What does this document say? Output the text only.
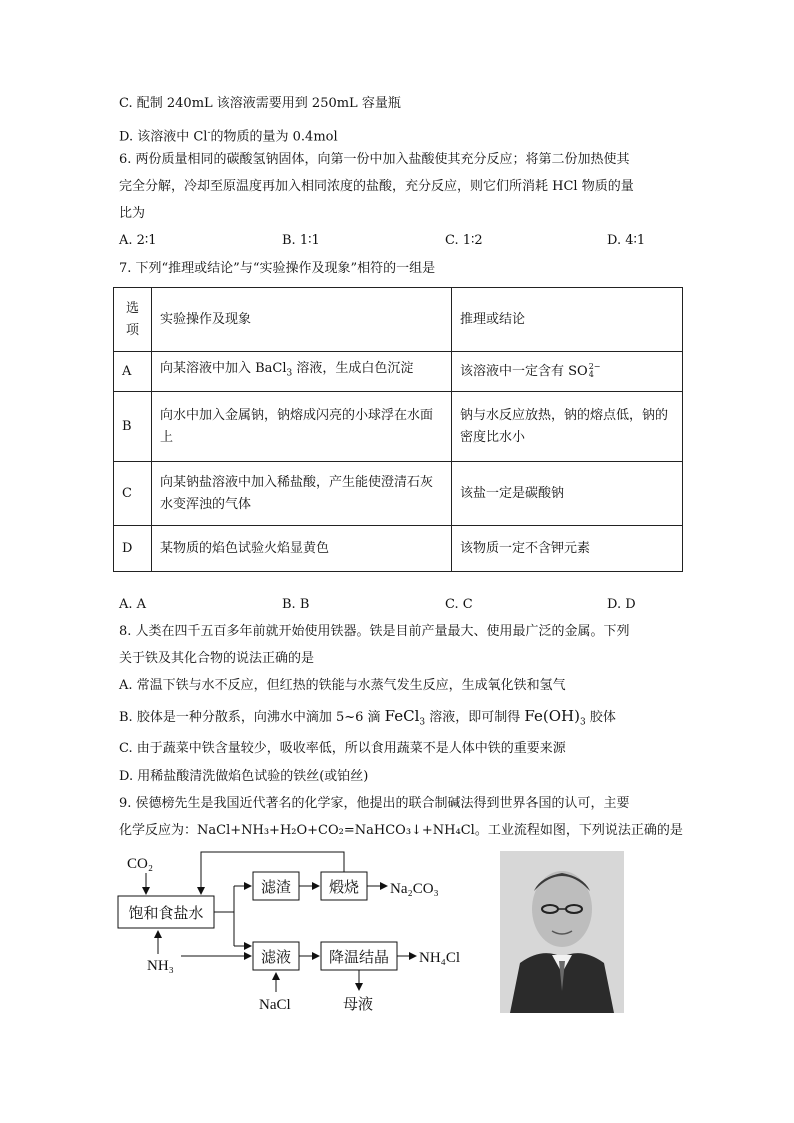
C. 配制 240mL 该溶液需要用到 250mL 容量瓶
D. 该溶液中 Cl-的物质的量为 0.4mol
6. 两份质量相同的碳酸氢钠固体，向第一份中加入盐酸使其充分反应；将第二份加热使其
完全分解，冷却至原温度再加入相同浓度的盐酸，充分反应，则它们所消耗 HCl 物质的量
比为
A. 2∶1	B. 1∶1	C. 1∶2	D. 4∶1
7. 下列“推理或结论”与“实验操作及现象”相符的一组是
选项	实验操作及现象	推理或结论
A	向某溶液中加入 BaCl$_3$ 溶液，生成白色沉淀	该溶液中一定含有 SO 2−
4

B	向水中加入金属钠，钠熔成闪亮的小球浮在水面上	钠与水反应放热，钠的熔点低，钠的密度比水小
C	向某钠盐溶液中加入稀盐酸，产生能使澄清石灰水变浑浊的气体	该盐一定是碳酸钠
D	某物质的焰色试验火焰显黄色	该物质一定不含钾元素
A. A	B. B	C. C	D. D
8. 人类在四千五百多年前就开始使用铁器。铁是目前产量最大、使用最广泛的金属。下列
关于铁及其化合物的说法正确的是
A. 常温下铁与水不反应，但红热的铁能与水蒸气发生反应，生成氧化铁和氢气
B. 胶体是一种分散系，向沸水中滴加 5~6 滴 FeCl$_3$ 溶液，即可制得 $Fe(OH)_3$ 胶体
C. 由于蔬菜中铁含量较少，吸收率低，所以食用蔬菜不是人体中铁的重要来源
D. 用稀盐酸清洗做焰色试验的铁丝(或铂丝)
9. 侯德榜先生是我国近代著名的化学家，他提出的联合制碱法得到世界各国的认可，主要
化学反应为：NaCl+NH₃+H₂O+CO₂=NaHCO₃↓+NH₄Cl。工业流程如图，下列说法正确的是
CO₂
饱和食盐水
NH₃
滤渣	煅烧 Na₂CO₃
滤液	降温结晶 NH₄Cl
NaCl	母液
